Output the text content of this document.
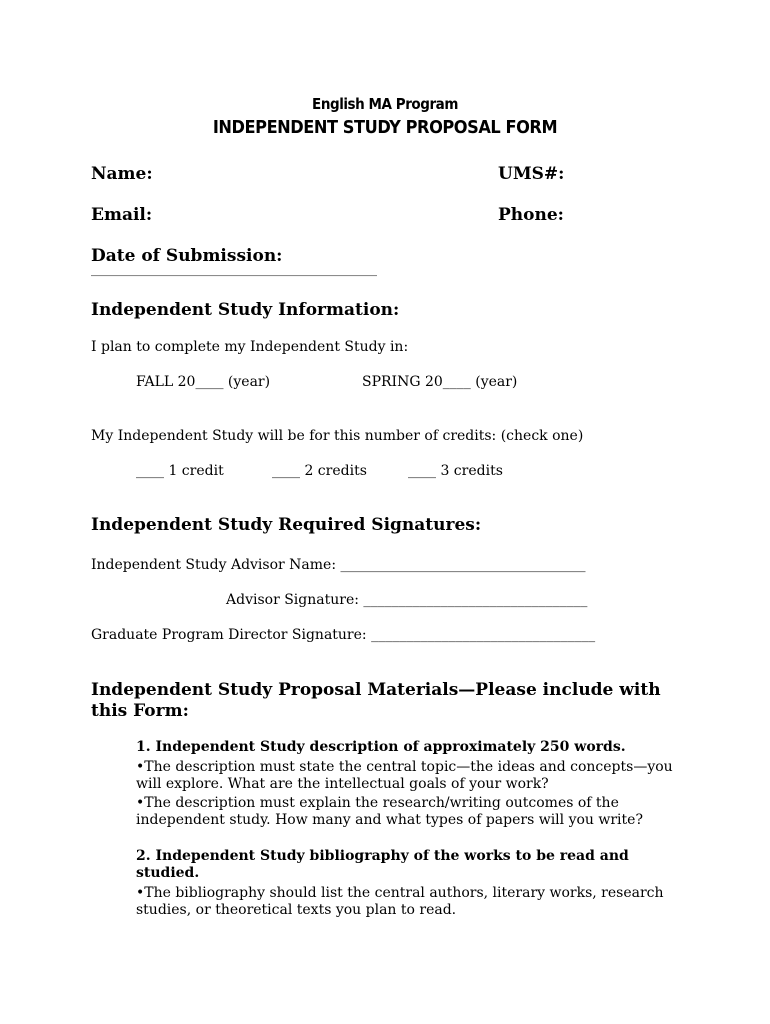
English MA Program
INDEPENDENT STUDY PROPOSAL FORM
Name:	UMS#:
Email:	Phone:
Date of Submission:
____________________________________________
Independent Study Information:
I plan to complete my Independent Study in:
FALL 20____ (year)	SPRING 20____ (year)
My Independent Study will be for this number of credits: (check one)
____ 1 credit	____ 2 credits	____ 3 credits
Independent Study Required Signatures:
Independent Study Advisor Name: ___________________________________
Advisor Signature: ________________________________
Graduate Program Director Signature: ________________________________
Independent Study Proposal Materials—Please include with this Form:
1. Independent Study description of approximately 250 words.
•The description must state the central topic—the ideas and concepts—you will explore. What are the intellectual goals of your work?
•The description must explain the research/writing outcomes of the independent study. How many and what types of papers will you write?
2. Independent Study bibliography of the works to be read and studied.
•The bibliography should list the central authors, literary works, research studies, or theoretical texts you plan to read.
